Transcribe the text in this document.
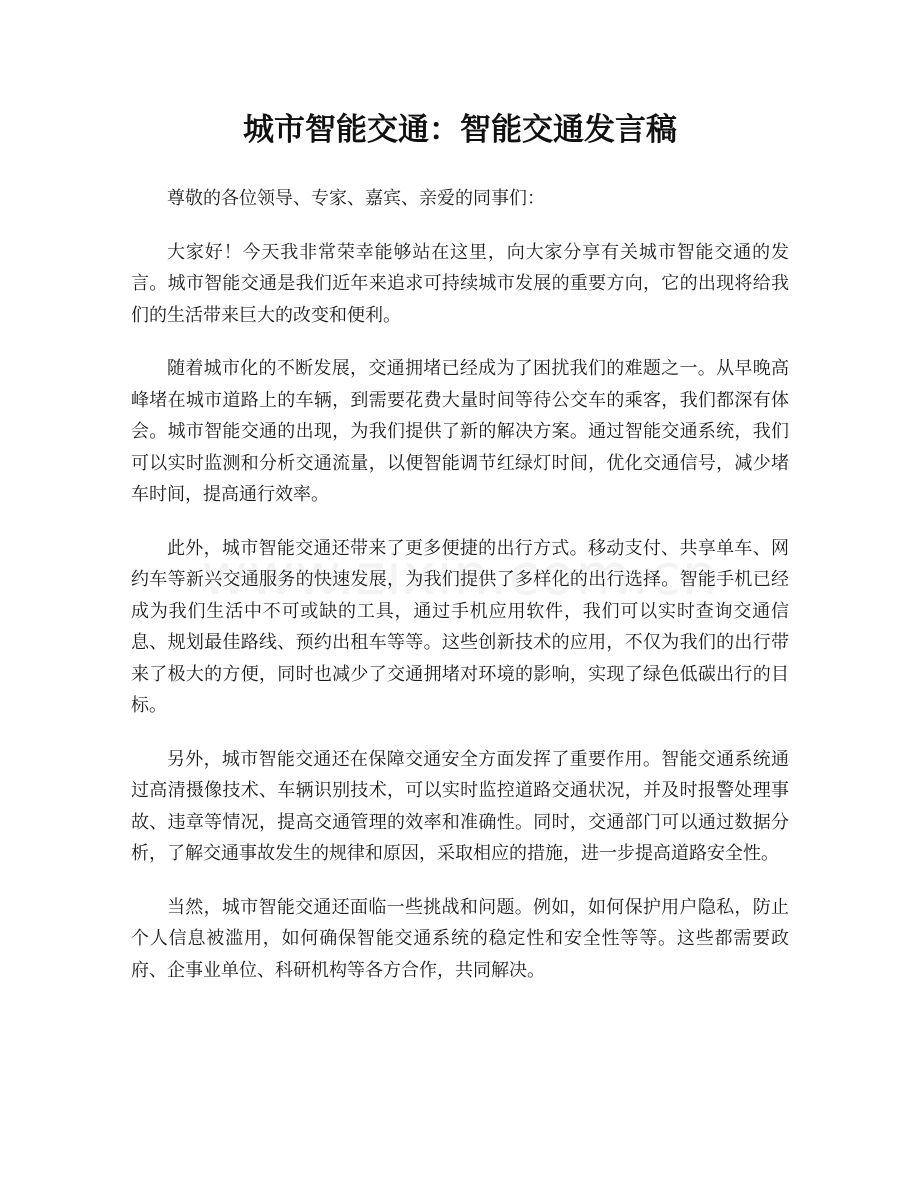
城市智能交通：智能交通发言稿

尊敬的各位领导、专家、嘉宾、亲爱的同事们：

大家好！今天我非常荣幸能够站在这里，向大家分享有关城市智能交通的发言。城市智能交通是我们近年来追求可持续城市发展的重要方向，它的出现将给我们的生活带来巨大的改变和便利。

随着城市化的不断发展，交通拥堵已经成为了困扰我们的难题之一。从早晚高峰堵在城市道路上的车辆，到需要花费大量时间等待公交车的乘客，我们都深有体会。城市智能交通的出现，为我们提供了新的解决方案。通过智能交通系统，我们可以实时监测和分析交通流量，以便智能调节红绿灯时间，优化交通信号，减少堵车时间，提高通行效率。

此外，城市智能交通还带来了更多便捷的出行方式。移动支付、共享单车、网约车等新兴交通服务的快速发展，为我们提供了多样化的出行选择。智能手机已经成为我们生活中不可或缺的工具，通过手机应用软件，我们可以实时查询交通信息、规划最佳路线、预约出租车等等。这些创新技术的应用，不仅为我们的出行带来了极大的方便，同时也减少了交通拥堵对环境的影响，实现了绿色低碳出行的目标。

另外，城市智能交通还在保障交通安全方面发挥了重要作用。智能交通系统通过高清摄像技术、车辆识别技术，可以实时监控道路交通状况，并及时报警处理事故、违章等情况，提高交通管理的效率和准确性。同时，交通部门可以通过数据分析，了解交通事故发生的规律和原因，采取相应的措施，进一步提高道路安全性。

当然，城市智能交通还面临一些挑战和问题。例如，如何保护用户隐私，防止个人信息被滥用，如何确保智能交通系统的稳定性和安全性等等。这些都需要政府、企事业单位、科研机构等各方合作，共同解决。
